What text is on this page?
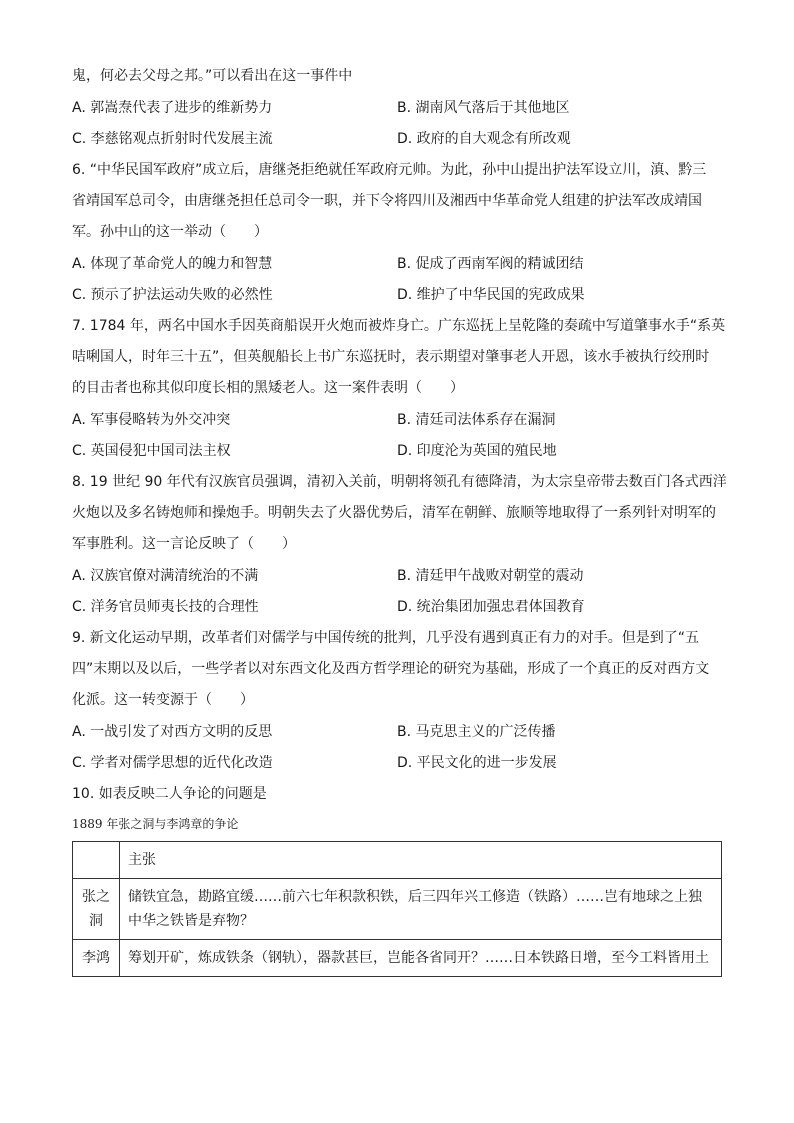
鬼，何必去父母之邦。”可以看出在这一事件中
A. 郭嵩焘代表了进步的维新势力	B. 湖南风气落后于其他地区
C. 李慈铭观点折射时代发展主流	D. 政府的自大观念有所改观
6. “中华民国军政府”成立后，唐继尧拒绝就任军政府元帅。为此，孙中山提出护法军设立川，滇、黔三
省靖国军总司令，由唐继尧担任总司令一职，并下令将四川及湘西中华革命党人组建的护法军改成靖国
军。孙中山的这一举动（　　）
A. 体现了革命党人的魄力和智慧	B. 促成了西南军阀的精诚团结
C. 预示了护法运动失败的必然性	D. 维护了中华民国的宪政成果
7. 1784 年，两名中国水手因英商船误开火炮而被炸身亡。广东巡抚上呈乾隆的奏疏中写道肇事水手“系英
咭唎国人，时年三十五”，但英舰船长上书广东巡抚时，表示期望对肇事老人开恩，该水手被执行绞刑时
的目击者也称其似印度长相的黑矮老人。这一案件表明（　　）
A. 军事侵略转为外交冲突	B. 清廷司法体系存在漏洞
C. 英国侵犯中国司法主权	D. 印度沦为英国的殖民地
8. 19 世纪 90 年代有汉族官员强调，清初入关前，明朝将领孔有德降清，为太宗皇帝带去数百门各式西洋
火炮以及多名铸炮师和操炮手。明朝失去了火器优势后，清军在朝鲜、旅顺等地取得了一系列针对明军的
军事胜利。这一言论反映了（　　）
A. 汉族官僚对满清统治的不满	B. 清廷甲午战败对朝堂的震动
C. 洋务官员师夷长技的合理性	D. 统治集团加强忠君体国教育
9. 新文化运动早期，改革者们对儒学与中国传统的批判，几乎没有遇到真正有力的对手。但是到了“五
四”末期以及以后，一些学者以对东西文化及西方哲学理论的研究为基础，形成了一个真正的反对西方文
化派。这一转变源于（　　）
A. 一战引发了对西方文明的反思	B. 马克思主义的广泛传播
C. 学者对儒学思想的近代化改造	D. 平民文化的进一步发展
10. 如表反映二人争论的问题是
1889 年张之洞与李鸿章的争论
	主张
张之洞	储铁宜急，勘路宜缓……前六七年积款积铁，后三四年兴工修造（铁路）……岂有地球之上独中华之铁皆是弃物？
李鸿	筹划开矿，炼成铁条（钢轨），器款甚巨，岂能各省同开？……日本铁路日增，至今工料皆用土
